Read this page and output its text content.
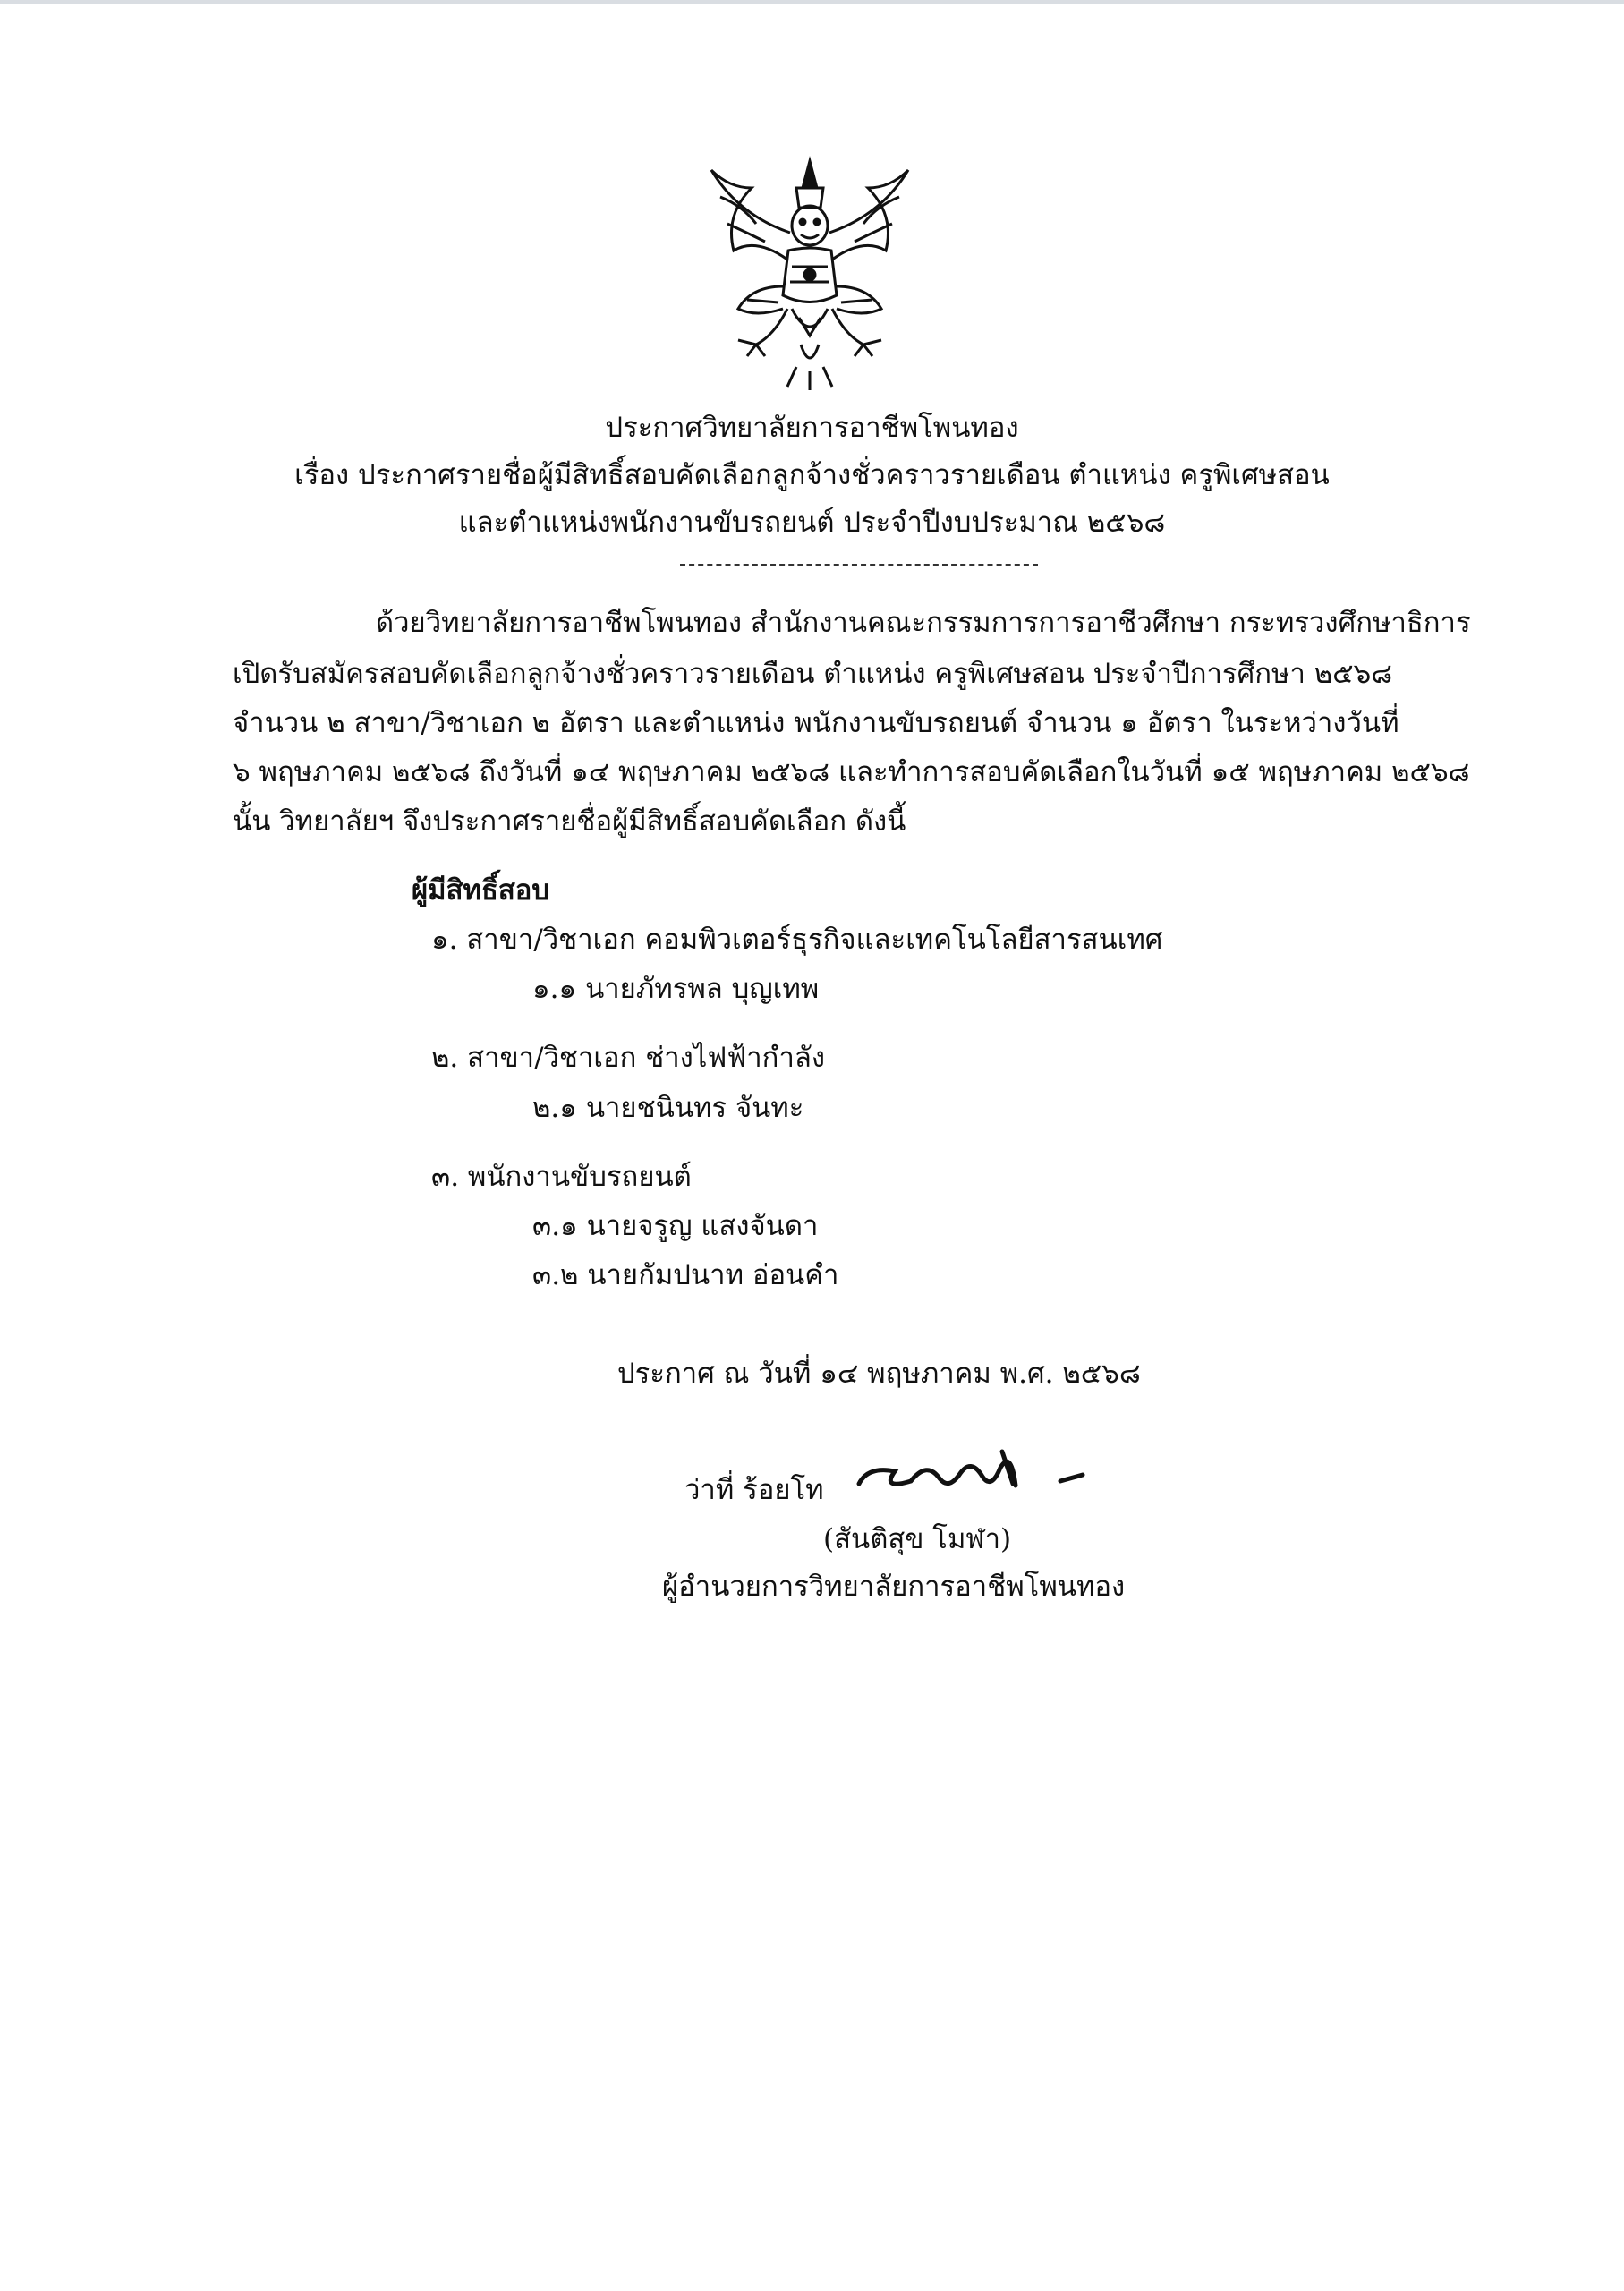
ประกาศวิทยาลัยการอาชีพโพนทอง
เรื่อง ประกาศรายชื่อผู้มีสิทธิ์สอบคัดเลือกลูกจ้างชั่วคราวรายเดือน ตำแหน่ง ครูพิเศษสอน
และตำแหน่งพนักงานขับรถยนต์ ประจำปีงบประมาณ ๒๕๖๘
ด้วยวิทยาลัยการอาชีพโพนทอง สำนักงานคณะกรรมการการอาชีวศึกษา กระทรวงศึกษาธิการ
เปิดรับสมัครสอบคัดเลือกลูกจ้างชั่วคราวรายเดือน ตำแหน่ง ครูพิเศษสอน ประจำปีการศึกษา ๒๕๖๘
จำนวน ๒ สาขา/วิชาเอก ๒ อัตรา และตำแหน่ง พนักงานขับรถยนต์ จำนวน ๑ อัตรา ในระหว่างวันที่
๖ พฤษภาคม ๒๕๖๘ ถึงวันที่ ๑๔ พฤษภาคม ๒๕๖๘ และทำการสอบคัดเลือกในวันที่ ๑๕ พฤษภาคม ๒๕๖๘
นั้น วิทยาลัยฯ จึงประกาศรายชื่อผู้มีสิทธิ์สอบคัดเลือก ดังนี้
ผู้มีสิทธิ์สอบ
๑. สาขา/วิชาเอก คอมพิวเตอร์ธุรกิจและเทคโนโลยีสารสนเทศ
๑.๑ นายภัทรพล บุญเทพ
๒. สาขา/วิชาเอก ช่างไฟฟ้ากำลัง
๒.๑ นายชนินทร จันทะ
๓. พนักงานขับรถยนต์
๓.๑ นายจรูญ แสงจันดา
๓.๒ นายกัมปนาท อ่อนคำ
ประกาศ ณ วันที่ ๑๔ พฤษภาคม พ.ศ. ๒๕๖๘
ว่าที่ ร้อยโท
(สันติสุข โมฬา)
ผู้อำนวยการวิทยาลัยการอาชีพโพนทอง
